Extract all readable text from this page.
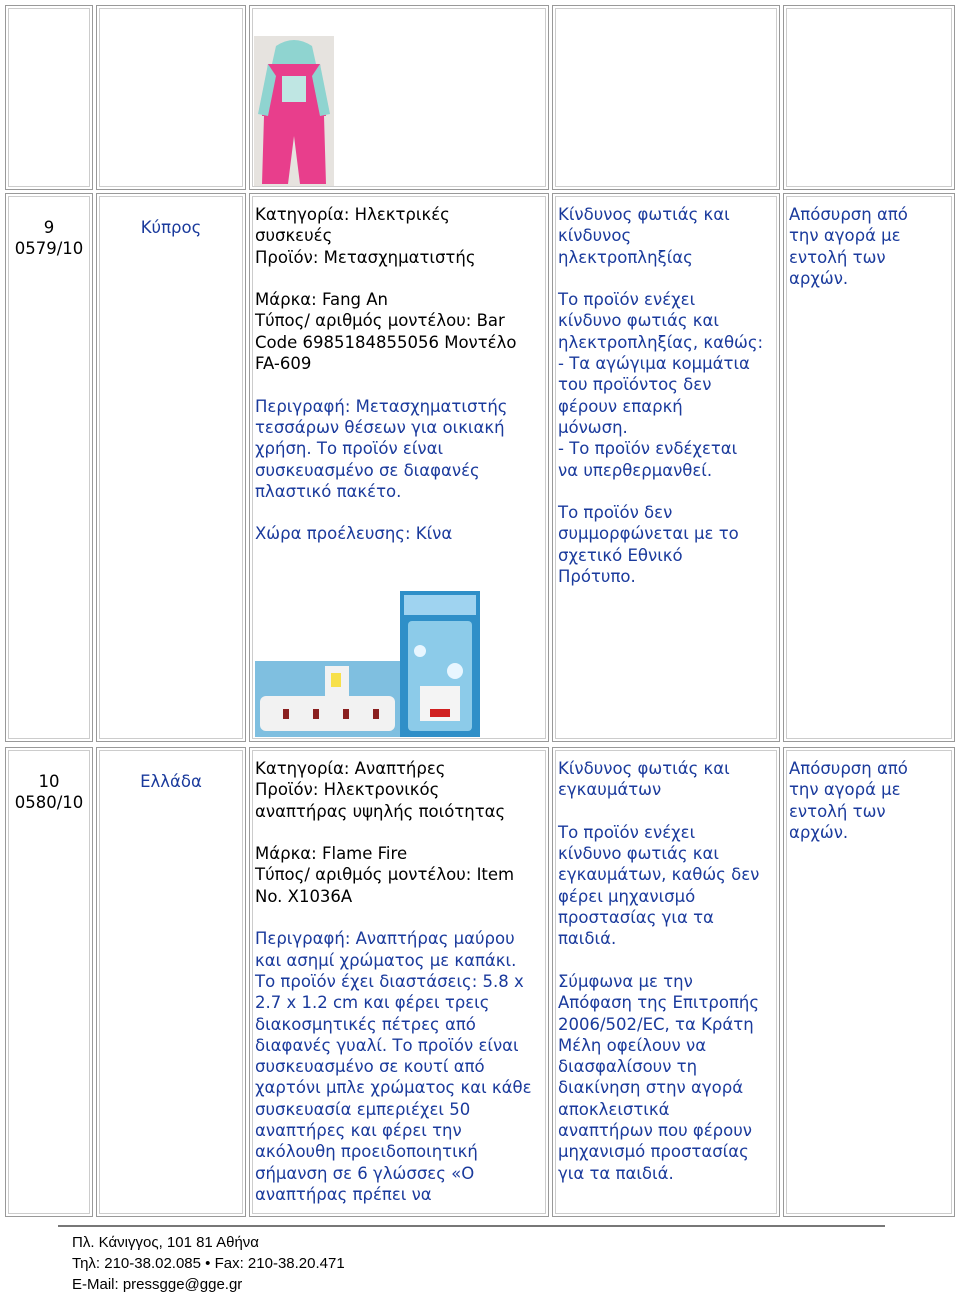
9
0579/10
Κύπρος
Κατηγορία: Ηλεκτρικές
συσκευές
Προϊόν: Μετασχηματιστής
Μάρκα: Fang An
Τύπος/ αριθμός μοντέλου: Bar
Code 6985184855056 Μοντέλο
FA-609
Περιγραφή: Μετασχηματιστής
τεσσάρων θέσεων για οικιακή
χρήση. Το προϊόν είναι
συσκευασμένο σε διαφανές
πλαστικό πακέτο.
Χώρα προέλευσης: Κίνα
Κίνδυνος φωτιάς και
κίνδυνος
ηλεκτροπληξίας
Το προϊόν ενέχει
κίνδυνο φωτιάς και
ηλεκτροπληξίας, καθώς:
- Τα αγώγιμα κομμάτια
του προϊόντος δεν
φέρουν επαρκή
μόνωση.
- Το προϊόν ενδέχεται
να υπερθερμανθεί.
Το προϊόν δεν
συμμορφώνεται με το
σχετικό Εθνικό
Πρότυπο.
Απόσυρση από
την αγορά με
εντολή των
αρχών.
10
0580/10
Ελλάδα
Κατηγορία: Αναπτήρες
Προϊόν: Ηλεκτρονικός
αναπτήρας υψηλής ποιότητας
Μάρκα: Flame Fire
Τύπος/ αριθμός μοντέλου: Item
No. X1036A
Περιγραφή: Αναπτήρας μαύρου
και ασημί χρώματος με καπάκι.
Το προϊόν έχει διαστάσεις: 5.8 x
2.7 x 1.2 cm και φέρει τρεις
διακοσμητικές πέτρες από
διαφανές γυαλί. Το προϊόν είναι
συσκευασμένο σε κουτί από
χαρτόνι μπλε χρώματος και κάθε
συσκευασία εμπεριέχει 50
αναπτήρες και φέρει την
ακόλουθη προειδοποιητική
σήμανση σε 6 γλώσσες «Ο
αναπτήρας πρέπει να
Κίνδυνος φωτιάς και
εγκαυμάτων
Το προϊόν ενέχει
κίνδυνο φωτιάς και
εγκαυμάτων, καθώς δεν
φέρει μηχανισμό
προστασίας για τα
παιδιά.
Σύμφωνα με την
Απόφαση της Επιτροπής
2006/502/ΕC, τα Κράτη
Μέλη οφείλουν να
διασφαλίσουν τη
διακίνηση στην αγορά
αποκλειστικά
αναπτήρων που φέρουν
μηχανισμό προστασίας
για τα παιδιά.
Απόσυρση από
την αγορά με
εντολή των
αρχών.
Πλ. Κάνιγγος, 101 81 Αθήνα
Τηλ: 210-38.02.085 • Fax: 210-38.20.471
E-Mail: pressgge@gge.gr
